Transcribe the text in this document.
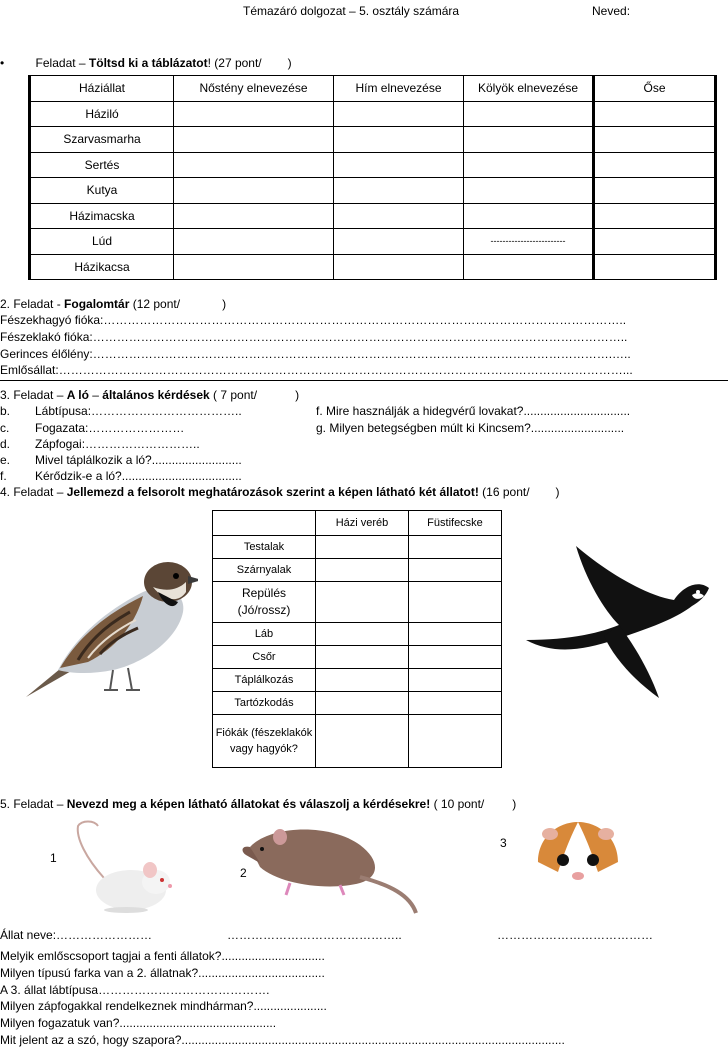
Témazáró dolgozat – 5. osztály számára	Neved:
•	Feladat – Töltsd ki a táblázatot! (27 pont/ )
Háziállat	Nőstény elnevezése	Hím elnevezése	Kölyök elnevezése	Őse
Háziló				
Szarvasmarha				
Sertés				
Kutya				
Házimacska				
Lúd			-------------------------	
Házikacsa				
2. Feladat - Fogalomtár (12 pont/	)
Fészekhagyó fióka:…………………………………………………………………………………………………………………..
Fészeklakó fióka:……………………………………………………………………………………………………………………..
Gerinces élőlény:………………………………………………………………………………………………………………….…..
Emlősállat:……………………………………………………………………………………………………………………………...
3. Feladat – A ló – általános kérdések ( 7 pont/	)
b. Lábtípusa:………………………………..
c. Fogazata:……………………
d. Zápfogai:………………………..
e. Mivel táplálkozik a ló?...........................
f. Kérődzik-e a ló?....................................
f. Mire használják a hidegvérű lovakat?................................
g. Milyen betegségben múlt ki Kincsem?............................
4. Feladat – Jellemezd a felsorolt meghatározások szerint a képen látható két állatot! (16 pont/ )
	Házi veréb	Füstifecske
Testalak		
Szárnyalak		
Repülés (Jó/rossz)		
Láb		
Csőr		
Táplálkozás		
Tartózkodás		
Fiókák (fészeklakók vagy hagyók?		
5. Feladat – Nevezd meg a képen látható állatokat és válaszolj a kérdésekre! ( 10 pont/ )
1
2
3
Állat neve:……………………	……………………………………..	…………………………………
Melyik emlőscsoport tagjai a fenti állatok?...............................
Milyen típusú farka van a 2. állatnak?......................................
A 3. állat lábtípusa…………………………………….
Milyen zápfogakkal rendelkeznek mindhárman?......................
Milyen fogazatuk van?...............................................
Mit jelent az a szó, hogy szapora?...................................................................................................................
